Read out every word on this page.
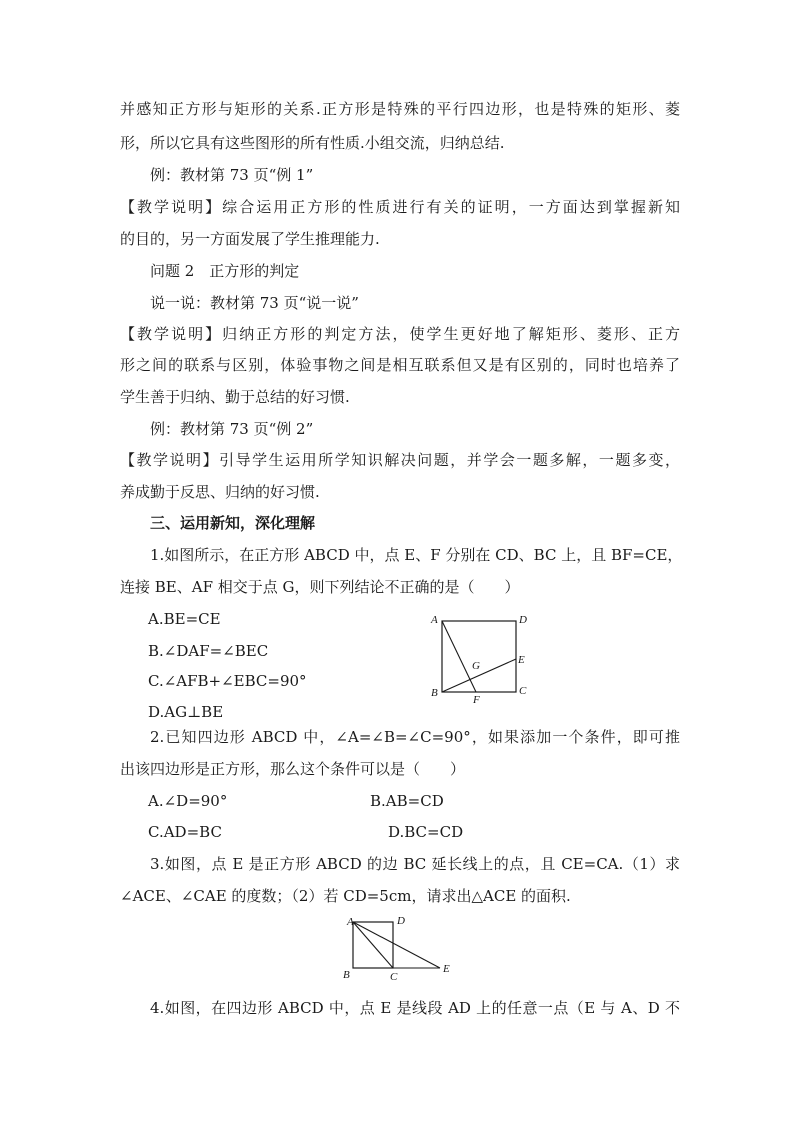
并感知正方形与矩形的关系.正方形是特殊的平行四边形，也是特殊的矩形、菱
形，所以它具有这些图形的所有性质.小组交流，归纳总结.
例：教材第 73 页“例 1”
【教学说明】综合运用正方形的性质进行有关的证明，一方面达到掌握新知
的目的，另一方面发展了学生推理能力.
问题 2　正方形的判定
说一说：教材第 73 页“说一说”
【教学说明】归纳正方形的判定方法，使学生更好地了解矩形、菱形、正方
形之间的联系与区别，体验事物之间是相互联系但又是有区别的，同时也培养了
学生善于归纳、勤于总结的好习惯.
例：教材第 73 页“例 2”
【教学说明】引导学生运用所学知识解决问题，并学会一题多解，一题多变，
养成勤于反思、归纳的好习惯.
三、运用新知，深化理解
1.如图所示，在正方形 ABCD 中，点 E、F 分别在 CD、BC 上，且 BF=CE，
连接 BE、AF 相交于点 G，则下列结论不正确的是（　　）
A.BE=CE
B.∠DAF=∠BEC
C.∠AFB+∠EBC=90°
D.AG⊥BE
A	D
B	C
E
F
G
2.已知四边形 ABCD 中，∠A=∠B=∠C=90°，如果添加一个条件，即可推
出该四边形是正方形，那么这个条件可以是（　　）
A.∠D=90°	B.AB=CD
C.AD=BC	D.BC=CD
3.如图，点 E 是正方形 ABCD 的边 BC 延长线上的点，且 CE=CA.（1）求
∠ACE、∠CAE 的度数；（2）若 CD=5cm，请求出△ACE 的面积.
A	D
B	C
E
4.如图，在四边形 ABCD 中，点 E 是线段 AD 上的任意一点（E 与 A、D 不
